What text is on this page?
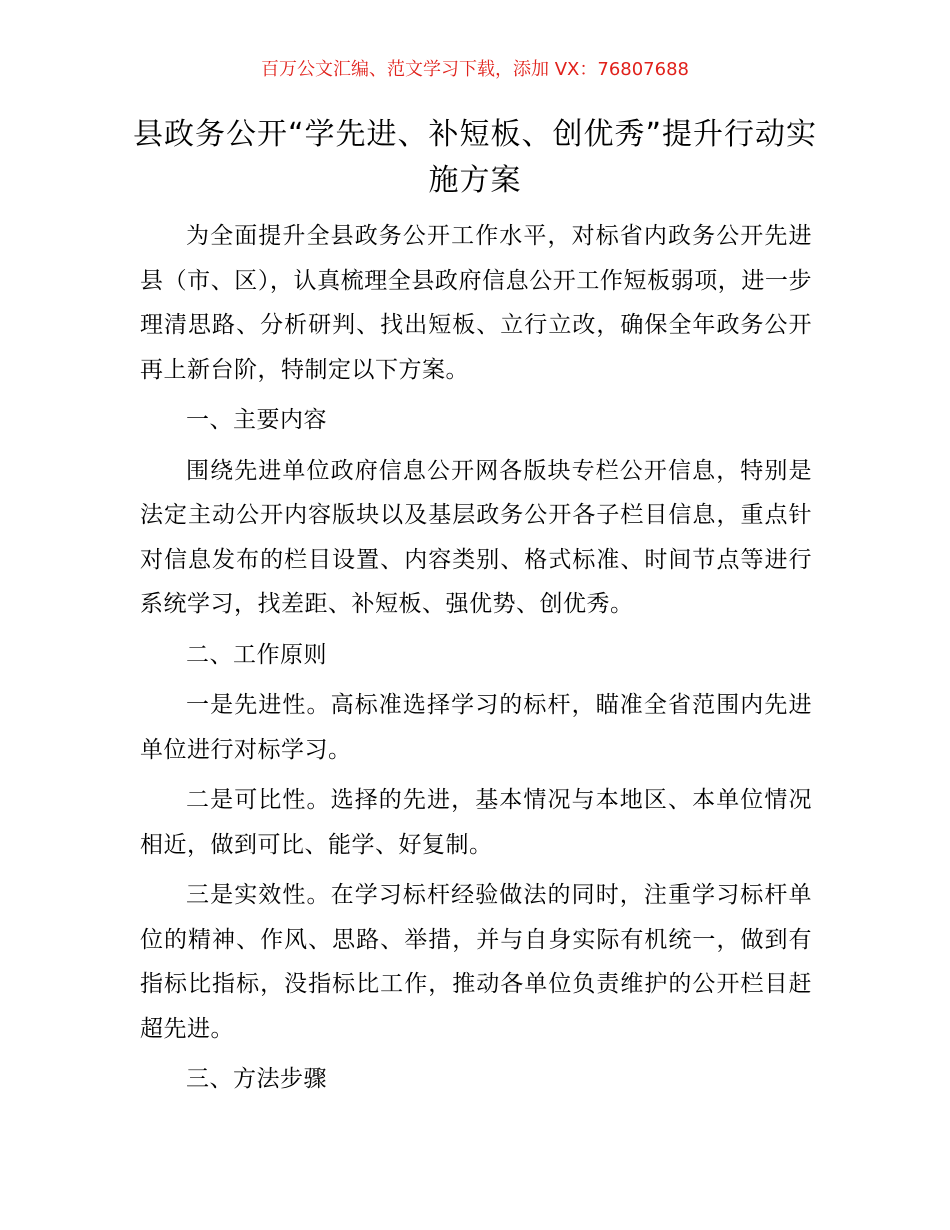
百万公文汇编、范文学习下载，添加 VX：76807688
县政务公开“学先进、补短板、创优秀”提升行动实施方案

为全面提升全县政务公开工作水平，对标省内政务公开先进县（市、区），认真梳理全县政府信息公开工作短板弱项，进一步理清思路、分析研判、找出短板、立行立改，确保全年政务公开再上新台阶，特制定以下方案。

一、主要内容

围绕先进单位政府信息公开网各版块专栏公开信息，特别是法定主动公开内容版块以及基层政务公开各子栏目信息，重点针对信息发布的栏目设置、内容类别、格式标准、时间节点等进行系统学习，找差距、补短板、强优势、创优秀。

二、工作原则

一是先进性。高标准选择学习的标杆，瞄准全省范围内先进单位进行对标学习。

二是可比性。选择的先进，基本情况与本地区、本单位情况相近，做到可比、能学、好复制。

三是实效性。在学习标杆经验做法的同时，注重学习标杆单位的精神、作风、思路、举措，并与自身实际有机统一，做到有指标比指标，没指标比工作，推动各单位负责维护的公开栏目赶超先进。

三、方法步骤
